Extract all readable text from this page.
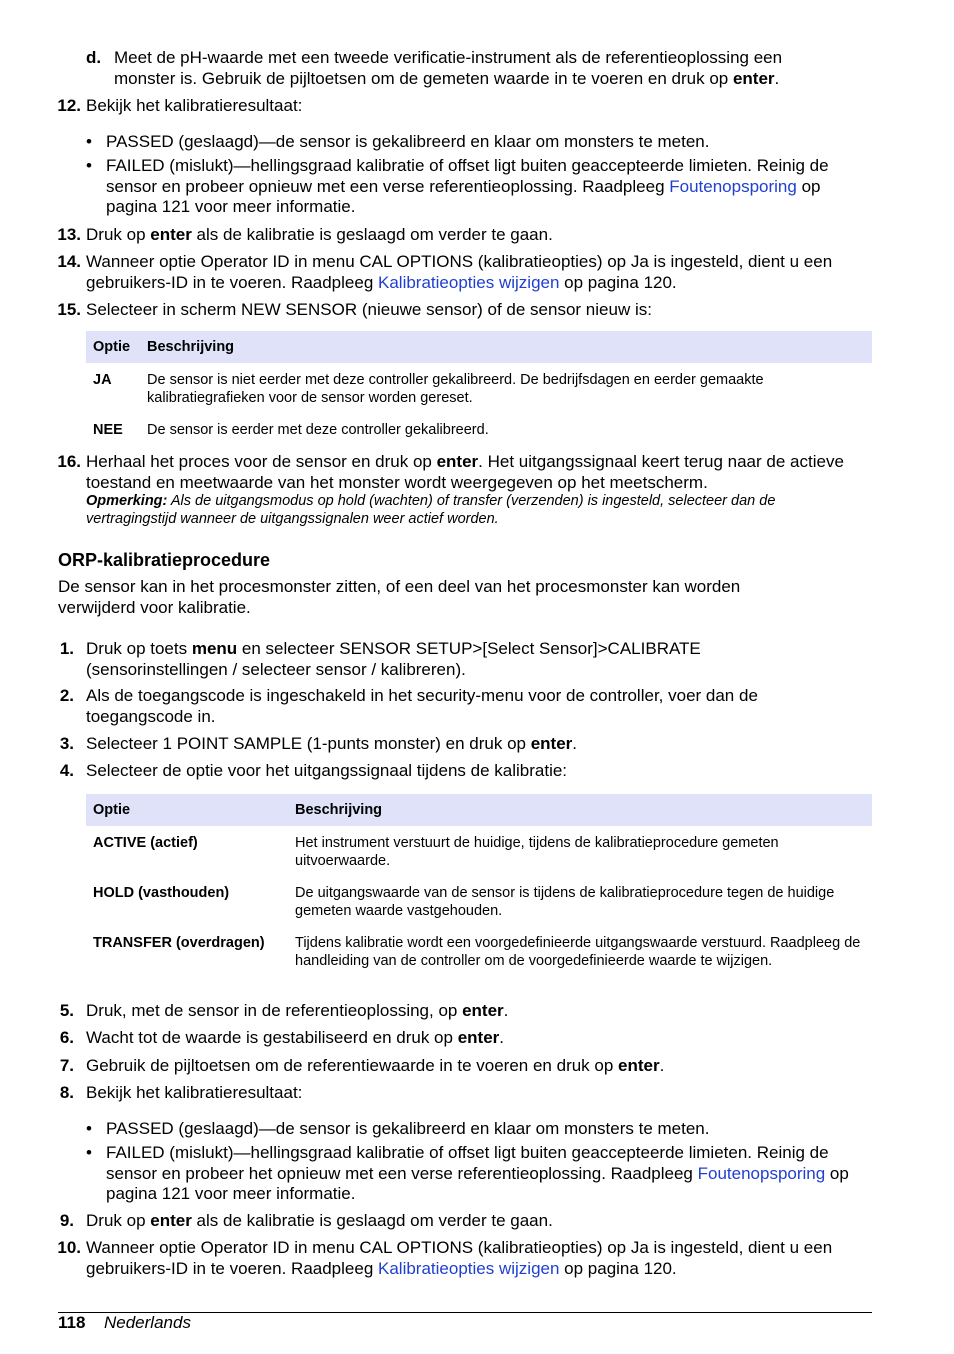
d. Meet de pH-waarde met een tweede verificatie-instrument als de referentieoplossing een monster is. Gebruik de pijltoetsen om de gemeten waarde in te voeren en druk op enter.
12. Bekijk het kalibratieresultaat:
• PASSED (geslaagd)—de sensor is gekalibreerd en klaar om monsters te meten.
• FAILED (mislukt)—hellingsgraad kalibratie of offset ligt buiten geaccepteerde limieten. Reinig de sensor en probeer opnieuw met een verse referentieoplossing. Raadpleeg Foutenopsporing op pagina 121 voor meer informatie.
13. Druk op enter als de kalibratie is geslaagd om verder te gaan.
14. Wanneer optie Operator ID in menu CAL OPTIONS (kalibratieopties) op Ja is ingesteld, dient u een gebruikers-ID in te voeren. Raadpleeg Kalibratieopties wijzigen op pagina 120.
15. Selecteer in scherm NEW SENSOR (nieuwe sensor) of de sensor nieuw is:
Optie	Beschrijving
JA	De sensor is niet eerder met deze controller gekalibreerd. De bedrijfsdagen en eerder gemaakte kalibratiegrafieken voor de sensor worden gereset.
NEE	De sensor is eerder met deze controller gekalibreerd.
16. Herhaal het proces voor de sensor en druk op enter. Het uitgangssignaal keert terug naar de actieve toestand en meetwaarde van het monster wordt weergegeven op het meetscherm.
Opmerking: Als de uitgangsmodus op hold (wachten) of transfer (verzenden) is ingesteld, selecteer dan de vertragingstijd wanneer de uitgangssignalen weer actief worden.
ORP-kalibratieprocedure
De sensor kan in het procesmonster zitten, of een deel van het procesmonster kan worden verwijderd voor kalibratie.
1. Druk op toets menu en selecteer SENSOR SETUP>[Select Sensor]>CALIBRATE (sensorinstellingen / selecteer sensor / kalibreren).
2. Als de toegangscode is ingeschakeld in het security-menu voor de controller, voer dan de toegangscode in.
3. Selecteer 1 POINT SAMPLE (1-punts monster) en druk op enter.
4. Selecteer de optie voor het uitgangssignaal tijdens de kalibratie:
Optie	Beschrijving
ACTIVE (actief)	Het instrument verstuurt de huidige, tijdens de kalibratieprocedure gemeten uitvoerwaarde.
HOLD (vasthouden)	De uitgangswaarde van de sensor is tijdens de kalibratieprocedure tegen de huidige gemeten waarde vastgehouden.
TRANSFER (overdragen)	Tijdens kalibratie wordt een voorgedefinieerde uitgangswaarde verstuurd. Raadpleeg de handleiding van de controller om de voorgedefinieerde waarde te wijzigen.
5. Druk, met de sensor in de referentieoplossing, op enter.
6. Wacht tot de waarde is gestabiliseerd en druk op enter.
7. Gebruik de pijltoetsen om de referentiewaarde in te voeren en druk op enter.
8. Bekijk het kalibratieresultaat:
• PASSED (geslaagd)—de sensor is gekalibreerd en klaar om monsters te meten.
• FAILED (mislukt)—hellingsgraad kalibratie of offset ligt buiten geaccepteerde limieten. Reinig de sensor en probeer het opnieuw met een verse referentieoplossing. Raadpleeg Foutenopsporing op pagina 121 voor meer informatie.
9. Druk op enter als de kalibratie is geslaagd om verder te gaan.
10. Wanneer optie Operator ID in menu CAL OPTIONS (kalibratieopties) op Ja is ingesteld, dient u een gebruikers-ID in te voeren. Raadpleeg Kalibratieopties wijzigen op pagina 120.
118 Nederlands
